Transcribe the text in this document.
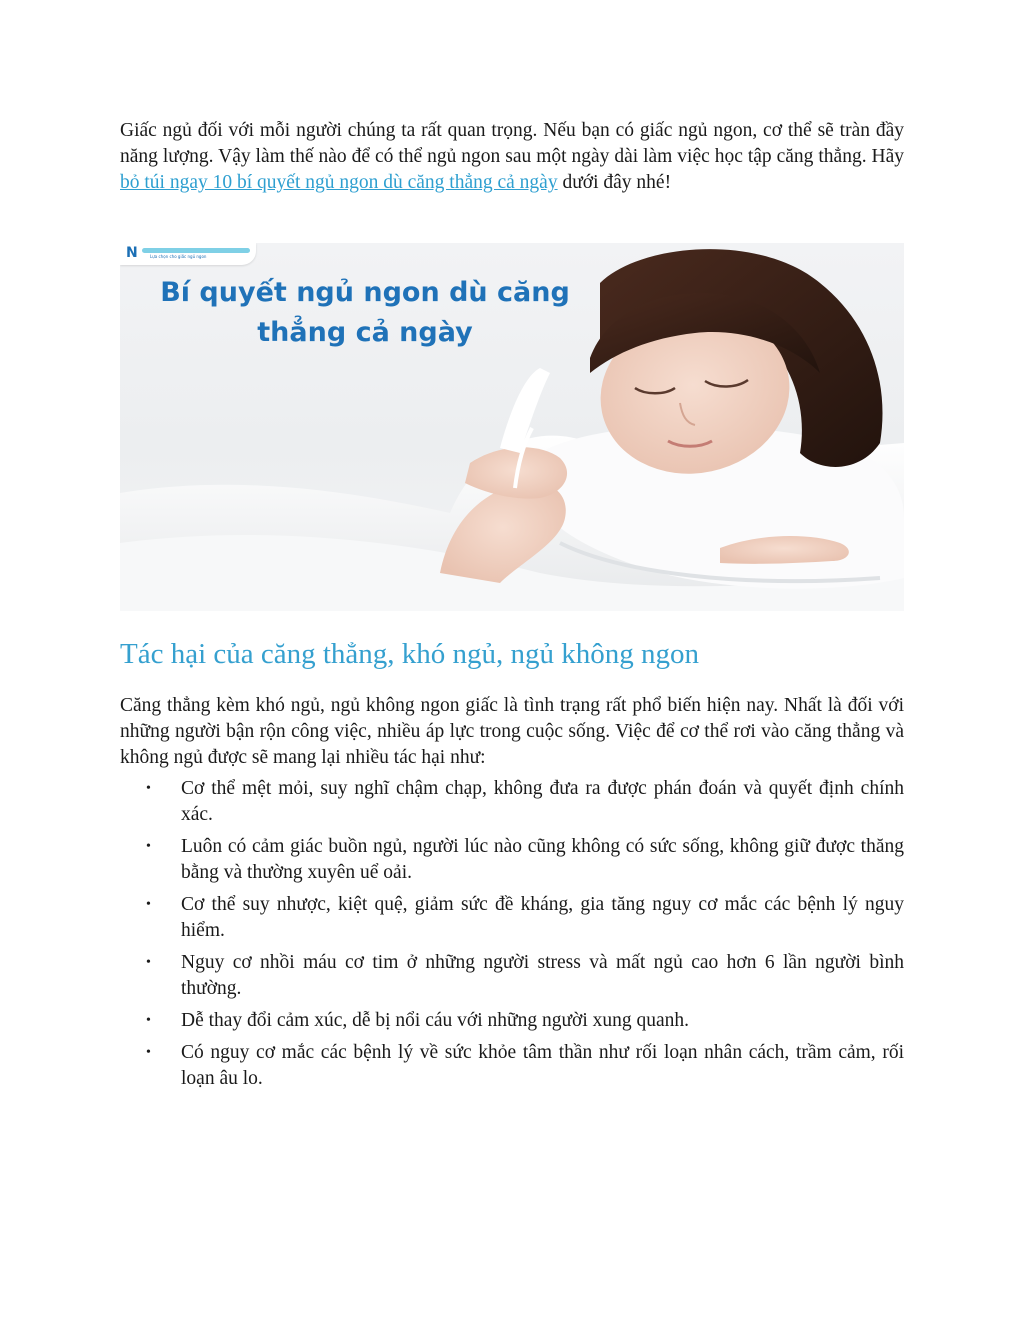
Giấc ngủ đối với mỗi người chúng ta rất quan trọng. Nếu bạn có giấc ngủ ngon, cơ thể sẽ tràn đầy năng lượng. Vậy làm thế nào để có thể ngủ ngon sau một ngày dài làm việc học tập căng thẳng. Hãy bỏ túi ngay 10 bí quyết ngủ ngon dù căng thẳng cả ngày dưới đây nhé!

N	Lựa chọn cho giấc ngủ ngon
Bí quyết ngủ ngon dù căng
thẳng cả ngày
Tác hại của căng thẳng, khó ngủ, ngủ không ngon

Căng thẳng kèm khó ngủ, ngủ không ngon giấc là tình trạng rất phổ biến hiện nay. Nhất là đối với những người bận rộn công việc, nhiều áp lực trong cuộc sống. Việc để cơ thể rơi vào căng thẳng và không ngủ được sẽ mang lại nhiều tác hại như:

• Cơ thể mệt mỏi, suy nghĩ chậm chạp, không đưa ra được phán đoán và quyết định chính xác.
• Luôn có cảm giác buồn ngủ, người lúc nào cũng không có sức sống, không giữ được thăng bằng và thường xuyên uể oải.
• Cơ thể suy nhược, kiệt quệ, giảm sức đề kháng, gia tăng nguy cơ mắc các bệnh lý nguy hiểm.
• Nguy cơ nhồi máu cơ tim ở những người stress và mất ngủ cao hơn 6 lần người bình thường.
• Dễ thay đổi cảm xúc, dễ bị nổi cáu với những người xung quanh.
• Có nguy cơ mắc các bệnh lý về sức khỏe tâm thần như rối loạn nhân cách, trầm cảm, rối loạn âu lo.
